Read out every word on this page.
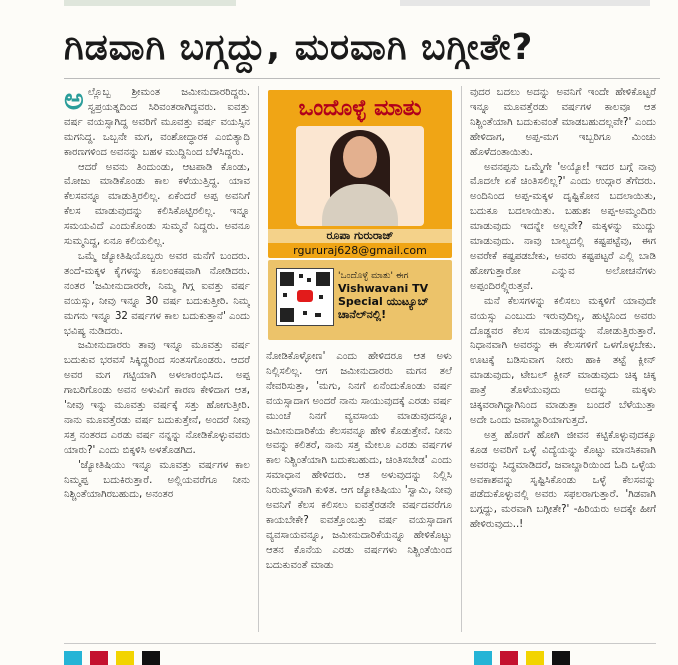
ಗಿಡವಾಗಿ ಬಗ್ಗದ್ದು, ಮರವಾಗಿ ಬಗ್ಗೀತೇ?
ಅ ಲ್ಲೊಬ್ಬ ಶ್ರೀಮಂತ ಜಮೀನುದಾರರಿದ್ದರು. ಸ್ವಪ್ರಯತ್ನದಿಂದ ಸಿರಿವಂತರಾಗಿದ್ದವರು. ಐವತ್ತು ವರ್ಷ ವಯಸ್ಸಾಗಿದ್ದ ಅವರಿಗೆ ಮೂವತ್ತು ವರ್ಷ ವಯಸ್ಸಿನ ಮಗನಿದ್ದ. ಒಬ್ಬನೇ ಮಗ, ವಂಶೋದ್ಧಾರಕ ಎಂಬಿತ್ಯಾದಿ ಕಾರಣಗಳಿಂದ ಅವನನ್ನು ಬಹಳ ಮುದ್ದಿನಿಂದ ಬೆಳೆಸಿದ್ದರು.

ಆದರೆ ಅವನು ತಿಂದುಂಡು, ಆಟಪಾಡಿ ಕೊಂಡು, ಮೋಜು ಮಾಡಿಕೊಂಡು ಕಾಲ ಕಳೆಯುತ್ತಿದ್ದ. ಯಾವ ಕೆಲಸವನ್ನೂ ಮಾಡುತ್ತಿರಲಿಲ್ಲ. ಏಕೆಂದರೆ ಅಪ್ಪ ಅವನಿಗೆ ಕೆಲಸ ಮಾಡುವುದನ್ನು ಕಲಿಸಿಕೊಟ್ಟಿರಲಿಲ್ಲ. ಇನ್ನೂ ಸಮಯವಿದೆ ಎಂದುಕೊಂಡು ಸುಮ್ಮನೆ ನಿದ್ದರು. ಅವನೂ ಸುಮ್ಮನಿದ್ದ, ಏನೂ ಕಲಿಯಲಿಲ್ಲ.

ಒಮ್ಮೆ ಜ್ಯೋತಿಷಿಯೊಬ್ಬರು ಅವರ ಮನೆಗೆ ಬಂದರು. ತಂದೆ-ಮಕ್ಕಳ ಕೈಗಳನ್ನು ಕೂಲಂಕಷವಾಗಿ ನೋಡಿದರು. ನಂತರ 'ಜಮೀನುದಾರರೇ, ನಿಮ್ಮ ಗಿಗ್ಗ ಐವತ್ತು ವರ್ಷ ವಯಸ್ಸು, ನೀವು ಇನ್ನೂ 30 ವರ್ಷ ಬದುಕುತ್ತೀರಿ. ನಿಮ್ಮ ಮಗನು ಇನ್ನೂ 32 ವರ್ಷಗಳ ಕಾಲ ಬದುಕುತ್ತಾನೆ' ಎಂದು ಭವಿಷ್ಯ ನುಡಿದರು.

ಜಮೀನುದಾರರು ತಾವು ಇನ್ನೂ ಮೂವತ್ತು ವರ್ಷ ಬದುಕುವ ಭರವಸೆ ಸಿಕ್ಕಿದ್ದರಿಂದ ಸಂತಸಗೊಂಡರು. ಆದರೆ ಅವರ ಮಗ ಗಟ್ಟಿಯಾಗಿ ಅಳಲಾರಂಭಿಸಿದ. ಅಪ್ಪ ಗಾಬರಿಗೊಂಡು ಅವನ ಅಳುವಿಗೆ ಕಾರಣ ಕೇಳಿದಾಗ ಆತ, 'ನೀವು ಇನ್ನು ಮೂವತ್ತು ವರ್ಷಕ್ಕೆ ಸತ್ತು ಹೋಗುತ್ತೀರಿ. ನಾನು ಮೂವತ್ತೆರಡು ವರ್ಷ ಬದುಕುತ್ತೇನೆ, ಅಂದರೆ ನೀವು ಸತ್ತ ನಂತರದ ಎರಡು ವರ್ಷ ನನ್ನನ್ನು ನೋಡಿಕೊಳ್ಳುವವರು ಯಾರು?' ಎಂದು ಬಿಕ್ಕಳಿಸಿ ಅಳತೊಡಗಿದ.

'ಜ್ಯೋತಿಷಿಯು ಇನ್ನೂ ಮೂವತ್ತು ವರ್ಷಗಳ ಕಾಲ ನಿಮ್ಮಪ್ಪ ಬದುಕಿರುತ್ತಾರೆ. ಅಲ್ಲಿಯವರೆಗೂ ನೀನು ನಿಶ್ಚಿಂತೆಯಾಗಿರಬಹುದು, ಅನಂತರ

ಒಂದೊಳ್ಳೆ ಮಾತು
ರೂಪಾ ಗುರುರಾಜ್
rgururaj628@gmail.com
'ಒಂದೊಳ್ಳೆ ಮಾತು' ಈಗ
Vishwavani TV
Special ಯುಟ್ಯೂಬ್
ಚಾನೆಲ್‌ನಲ್ಲಿ!

ನೋಡಿಕೊಳ್ಳೋಣ' ಎಂದು ಹೇಳಿದರೂ ಆತ ಅಳು ನಿಲ್ಲಿಸಲಿಲ್ಲ. ಆಗ ಜಮೀನುದಾರರು ಮಗನ ತಲೆ ನೇವರಿಸುತ್ತಾ, 'ಮಗು, ನಿನಗೆ ಏನೆಂದುಕೊಂಡು ವರ್ಷ ವಯಸ್ಸಾದಾಗ ಅಂದರೆ ನಾನು ಸಾಯುವುದಕ್ಕೆ ಎರಡು ವರ್ಷ ಮುಂಚೆ ನಿನಗೆ ವ್ಯವಸಾಯ ಮಾಡುವುದನ್ನೂ, ಜಮೀನುದಾರಿಕೆಯ ಕೆಲಸವನ್ನೂ ಹೇಳಿ ಕೊಡುತ್ತೇನೆ. ನೀನು ಅವನ್ನು ಕಲಿತರೆ, ನಾನು ಸತ್ತ ಮೇಲೂ ಎರಡು ವರ್ಷಗಳ ಕಾಲ ನಿಶ್ಚಿಂತೆಯಾಗಿ ಬದುಕಬಹುದು, ಚಿಂತಿಸಬೇಡ' ಎಂದು ಸಮಾಧಾನ ಹೇಳಿದರು. ಆತ ಅಳುವುದನ್ನು ನಿಲ್ಲಿಸಿ ನಿರುಮ್ಮಳನಾಗಿ ಕುಳಿತ. ಆಗ ಜ್ಯೋತಿಷಿಯು 'ಸ್ವಾಮಿ, ನೀವು ಅವನಿಗೆ ಕೆಲಸ ಕಲಿಸಲು ಐವತ್ತೆರಡನೇ ವರ್ಷದವರೆಗೂ ಕಾಯಬೇಕೇ? ಐವತ್ತೊಂಬತ್ತು ವರ್ಷ ವಯಸ್ಸಾದಾಗ ವ್ಯವಸಾಯವನ್ನೂ, ಜಮೀನುದಾರಿಕೆಯನ್ನೂ ಹೇಳಿಕೊಟ್ಟು ಆತನ ಕೊನೆಯ ಎರಡು ವರ್ಷಗಳು ನಿಶ್ಚಿಂತೆಯಿಂದ ಬದುಕುವಂತೆ ಮಾಡು

ವುದರ ಬದಲು ಅದನ್ನು ಅವನಿಗೆ ಇಂದೇ ಹೇಳಿಕೊಟ್ಟರೆ ಇನ್ನೂ ಮೂವತ್ತೆರಡು ವರ್ಷಗಳ ಕಾಲವೂ ಆತ ನಿಶ್ಚಿಂತೆಯಾಗಿ ಬದುಕುವಂತೆ ಮಾಡಬಹುದಲ್ಲವೇ?' ಎಂದು ಹೇಳಿದಾಗ, ಅಪ್ಪ-ಮಗ ಇಬ್ಬರಿಗೂ ಮಿಂಚು ಹೊಳೆದಂತಾಯಿತು.

ಅವನಪ್ಪನು ಒಮ್ಮೆಗೇ 'ಅಯ್ಯೋ! ಇದರ ಬಗ್ಗೆ ನಾವು ಮೊದಲೇ ಏಕೆ ಚಿಂತಿಸಲಿಲ್ಲ?' ಎಂದು ಉದ್ಗಾರ ತೆಗೆದರು. ಅಂದಿನಿಂದ ಅಪ್ಪ-ಮಕ್ಕಳ ದೃಷ್ಟಿಕೋನ ಬದಲಾಯಿತು, ಬದುಕೂ ಬದಲಾಯಿತು. ಬಹುಶಃ ಅಪ್ಪ-ಅಮ್ಮಂದಿರು ಮಾಡುವುದು ಇದನ್ನೇ ಅಲ್ಲವೇ? ಮಕ್ಕಳನ್ನು ಮುದ್ದು ಮಾಡುವುದು. ನಾವು ಬಾಲ್ಯದಲ್ಲಿ ಕಷ್ಟಪಟ್ಟೆವು, ಈಗ ಅವರೇಕೆ ಕಷ್ಟಪಡಬೇಕು, ಅವರು ಕಷ್ಟಪಟ್ಟರೆ ಎಲ್ಲಿ ಬಾಡಿ ಹೋಗುತ್ತಾರೋ ಎನ್ನುವ ಅಲೋಚನೆಗಳು ಅಪ್ಪಂದಿರಲ್ಲ್ಲಿರುತ್ತವೆ.

ಮನೆ ಕೆಲಸಗಳನ್ನು ಕಲಿಸಲು ಮಕ್ಕಳಿಗೆ ಯಾವುದೇ ವಯಸ್ಸು ಎಂಬುದು ಇರುವುದಿಲ್ಲ, ಹುಟ್ಟಿನಿಂದ ಅವರು ದೊಡ್ಡವರ ಕೆಲಸ ಮಾಡುವುದನ್ನು ನೋಡುತ್ತಿರುತ್ತಾರೆ. ನಿಧಾನವಾಗಿ ಅವರನ್ನು ಈ ಕೆಲಸಗಳಿಗೆ ಒಳಗೊಳ್ಳಬೇಕು. ಊಟಕ್ಕೆ ಬಡಿಸುವಾಗ ನೀರು ಹಾಕಿ ತಟ್ಟೆ ಕ್ಲೀನ್ ಮಾಡುವುದು, ಟೇಬಲ್ ಕ್ಲೀನ್ ಮಾಡುವುದು ಚಿಕ್ಕ ಚಿಕ್ಕ ಪಾತ್ರೆ ತೊಳೆಯುವುದು ಅದನ್ನು ಮಕ್ಕಳು ಚಿಕ್ಕವರಾಗಿದ್ದಾಗಿನಿಂದ ಮಾಡುತ್ತಾ ಬಂದರೆ ಬೆಳೆಯುತ್ತಾ ಅದೇ ಒಂದು ಜವಾಬ್ದಾರಿಯಾಗುತ್ತದೆ.

ಅತ್ತ ಹೊರಗೆ ಹೋಗಿ ಜೀವನ ಕಟ್ಟಿಕೊಳ್ಳುವುದಕ್ಕೂ ಕೂಡ ಅವರಿಗೆ ಒಳ್ಳೆ ವಿದ್ಯೆಯನ್ನು ಕೊಟ್ಟು ಮಾನಸಿಕವಾಗಿ ಅವರನ್ನು ಸಿದ್ಧಮಾಡಿದರೆ, ಜವಾಬ್ದಾರಿಯಿಂದ ಓದಿ ಒಳ್ಳೆಯ ಅವಕಾಶವನ್ನು ಸೃಷ್ಟಿಸಿಕೊಂಡು ಒಳ್ಳೆ ಕೆಲಸವನ್ನು ಪಡೆದುಕೊಳ್ಳುವಲ್ಲಿ ಅವರು ಸಫಲರಾಗುತ್ತಾರೆ. 'ಗಿಡವಾಗಿ ಬಗ್ಗದ್ದು, ಮರವಾಗಿ ಬಗ್ಗೀತೇ?' -ಹಿರಿಯರು ಅದಕ್ಕೇ ಹೀಗೆ ಹೇಳಿರುವುದು..!
